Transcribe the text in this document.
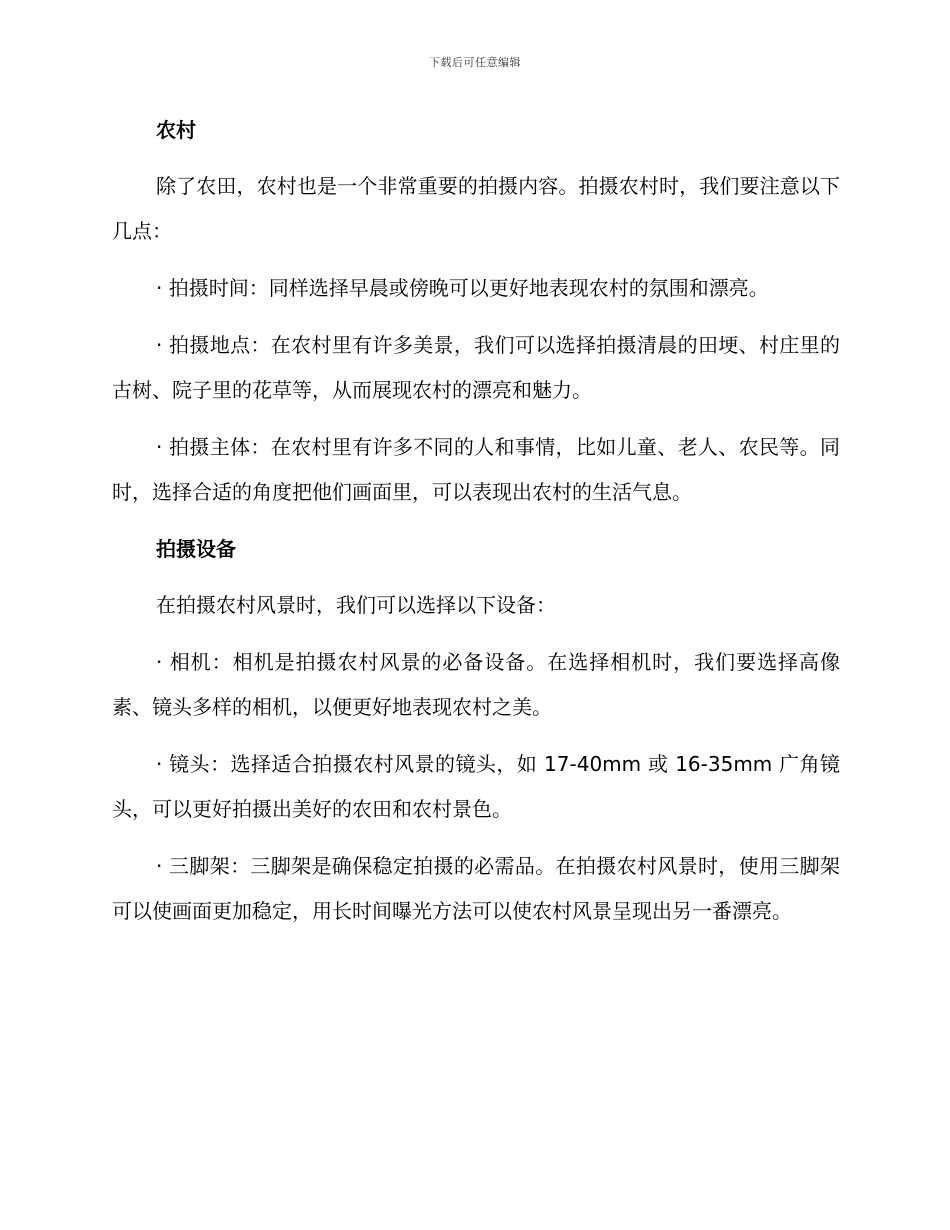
下载后可任意编辑
农村

除了农田，农村也是一个非常重要的拍摄内容。拍摄农村时，我们要注意以下几点：

· 拍摄时间：同样选择早晨或傍晚可以更好地表现农村的氛围和漂亮。

· 拍摄地点：在农村里有许多美景，我们可以选择拍摄清晨的田埂、村庄里的古树、院子里的花草等，从而展现农村的漂亮和魅力。

· 拍摄主体：在农村里有许多不同的人和事情，比如儿童、老人、农民等。同时，选择合适的角度把他们画面里，可以表现出农村的生活气息。

拍摄设备

在拍摄农村风景时，我们可以选择以下设备：

· 相机：相机是拍摄农村风景的必备设备。在选择相机时，我们要选择高像素、镜头多样的相机，以便更好地表现农村之美。

· 镜头：选择适合拍摄农村风景的镜头，如 17-40mm 或 16-35mm 广角镜头，可以更好拍摄出美好的农田和农村景色。

· 三脚架：三脚架是确保稳定拍摄的必需品。在拍摄农村风景时，使用三脚架可以使画面更加稳定，用长时间曝光方法可以使农村风景呈现出另一番漂亮。
